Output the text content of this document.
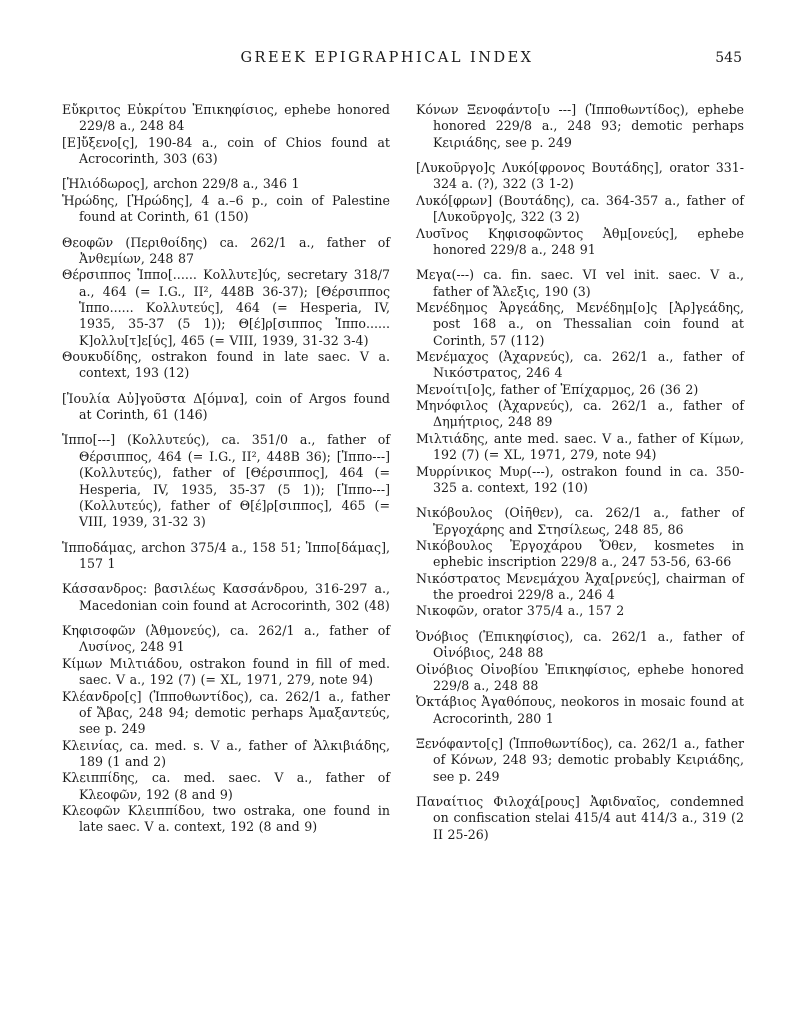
GREEK EPIGRAPHICAL INDEX	545

Εὔκριτος Εὐκρίτου Ἐπικηφίσιος, ephebe honored 229/8 a., 248 84

[Ε]ὔξενο[ς], 190-84 a., coin of Chios found at Acrocorinth, 303 (63)

[Ἡλιόδωρος], archon 229/8 a., 346 1

Ἡρώδης, [Ἡρώδης], 4 a.–6 p., coin of Palestine found at Corinth, 61 (150)

Θεοφῶν (Περιθοίδης) ca. 262/1 a., father of Ἀνθεμίων, 248 87

Θέρσιππος Ἱππο[...... Κολλυτε]ύς, secretary 318/7 a., 464 (= I.G., II², 448B 36-37); [Θέρσιππος Ἱππο...... Κολλυτεύς], 464 (= Hesperia, IV, 1935, 35-37 (5 1)); Θ[έ]ρ[σιππος Ἱππο...... Κ]ολλυ[τ]ε[ύς], 465 (= VIII, 1939, 31-32 3-4)

Θουκυδίδης, ostrakon found in late saec. V a. context, 193 (12)

[Ἰουλία Αὐ]γοῦστα Δ[όμνα], coin of Argos found at Corinth, 61 (146)

Ἱππο[---] (Κολλυτεύς), ca. 351/0 a., father of Θέρσιππος, 464 (= I.G., II², 448B 36); [Ἱππο---] (Κολλυτεύς), father of [Θέρσιππος], 464 (= Hesperia, IV, 1935, 35-37 (5 1)); [Ἱππο---] (Κολλυτεύς), father of Θ[έ]ρ[σιππος], 465 (= VIII, 1939, 31-32 3)

Ἱπποδάμας, archon 375/4 a., 158 51; Ἱππο[δάμας], 157 1

Κάσσανδρος: βασιλέως Κασσάνδρου, 316-297 a., Macedonian coin found at Acrocorinth, 302 (48)

Κηφισοφῶν (Ἀθμονεύς), ca. 262/1 a., father of Λυσίνος, 248 91

Κίμων Μιλτιάδου, ostrakon found in fill of med. saec. V a., 192 (7) (= XL, 1971, 279, note 94)

Κλέανδρο[ς] (Ἱπποθωντίδος), ca. 262/1 a., father of Ἄβας, 248 94; demotic perhaps Ἀμαξαντεύς, see p. 249

Κλεινίας, ca. med. s. V a., father of Ἀλκιβιάδης, 189 (1 and 2)

Κλειππίδης, ca. med. saec. V a., father of Κλεοφῶν, 192 (8 and 9)

Κλεοφῶν Κλειππίδου, two ostraka, one found in late saec. V a. context, 192 (8 and 9)

Κόνων Ξενοφάντο[υ ---] (Ἱπποθωντίδος), ephebe honored 229/8 a., 248 93; demotic perhaps Κειριάδης, see p. 249

[Λυκοῦργο]ς Λυκό[φρονος Βουτάδης], orator 331-324 a. (?), 322 (3 1-2)

Λυκό[φρων] (Βουτάδης), ca. 364-357 a., father of [Λυκοῦργο]ς, 322 (3 2)

Λυσῖνος Κηφισοφῶντος Ἀθμ[ονεύς], ephebe honored 229/8 a., 248 91

Μεγα(---) ca. fin. saec. VI vel init. saec. V a., father of Ἄλεξις, 190 (3)

Μενέδημος Ἀργεάδης, Μενέδημ[ο]ς [Ἀρ]γεάδης, post 168 a., on Thessalian coin found at Corinth, 57 (112)

Μενέμαχος (Ἀχαρνεύς), ca. 262/1 a., father of Νικόστρατος, 246 4

Μενοίτι[ο]ς, father of Ἐπίχαρμος, 26 (36 2)

Μηνόφιλος (Ἀχαρνεύς), ca. 262/1 a., father of Δημήτριος, 248 89

Μιλτιάδης, ante med. saec. V a., father of Κίμων, 192 (7) (= XL, 1971, 279, note 94)

Μυρρίνικος Μυρ(---), ostrakon found in ca. 350-325 a. context, 192 (10)

Νικόβουλος (Οἰῆθεν), ca. 262/1 a., father of Ἐργοχάρης and Στησίλεως, 248 85, 86

Νικόβουλος Ἐργοχάρου Ὄθεν, kosmetes in ephebic inscription 229/8 a., 247 53-56, 63-66

Νικόστρατος Μενεμάχου Ἀχα[ρνεύς], chairman of the proedroi 229/8 a., 246 4

Νικοφῶν, orator 375/4 a., 157 2

Ὀνόβιος (Ἐπικηφίσιος), ca. 262/1 a., father of Οἰνόβιος, 248 88

Οἰνόβιος Οἰνοβίου Ἐπικηφίσιος, ephebe honored 229/8 a., 248 88

Ὀκτάβιος Ἀγαθόπους, neokoros in mosaic found at Acrocorinth, 280 1

Ξενόφαντο[ς] (Ἱπποθωντίδος), ca. 262/1 a., father of Κόνων, 248 93; demotic probably Κειριάδης, see p. 249

Παναίτιος Φιλοχά[ρους] Ἀφιδναῖος, condemned on confiscation stelai 415/4 aut 414/3 a., 319 (2 II 25-26)
